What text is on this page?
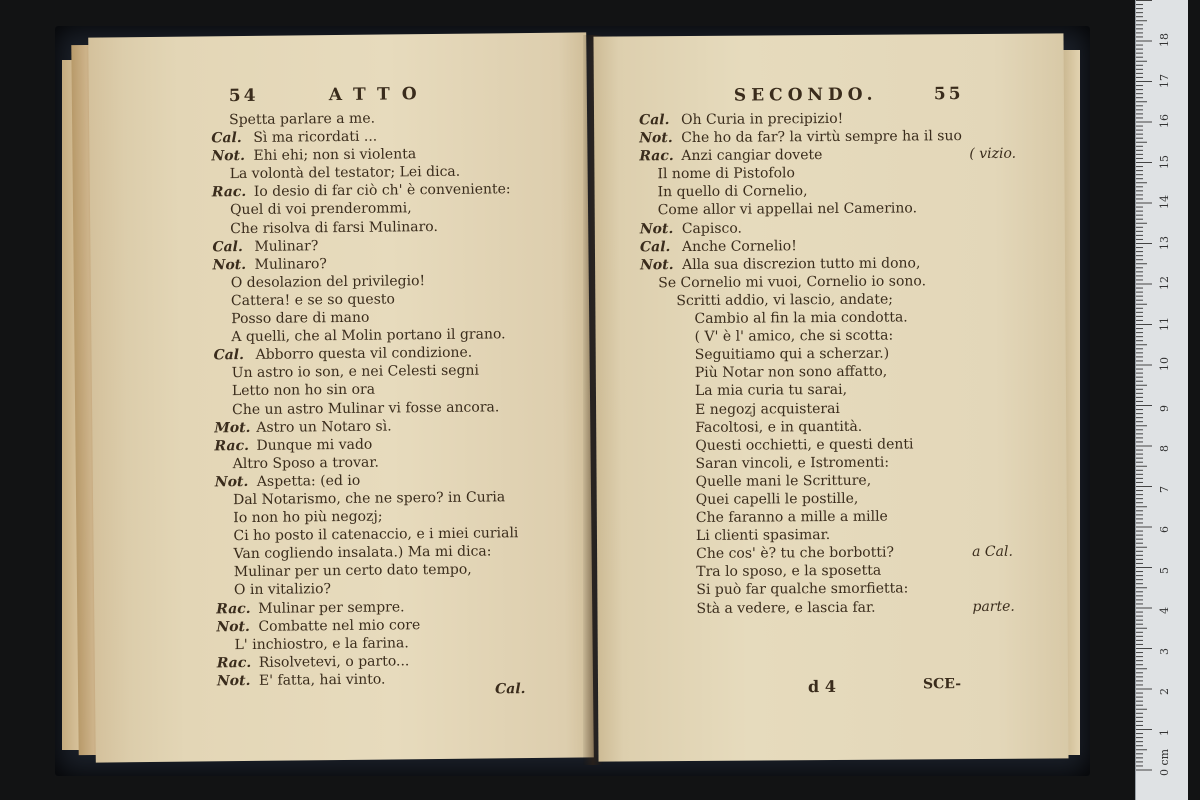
54	ATTO
Spetta parlare a me.
Cal. Sì ma ricordati ...
Not. Ehi ehi; non si violenta
La volontà del testator; Lei dica.
Rac. Io desio di far ciò ch' è conveniente:
Quel di voi prenderommi,
Che risolva di farsi Mulinaro.
Cal. Mulinar?
Not. Mulinaro?
O desolazion del privilegio!
Cattera! e se so questo
Posso dare di mano
A quelli, che al Molin portano il grano.
Cal. Abborro questa vil condizione.
Un astro io son, e nei Celesti segni
Letto non ho sin ora
Che un astro Mulinar vi fosse ancora.
Mot. Astro un Notaro sì.
Rac. Dunque mi vado
Altro Sposo a trovar.
Not. Aspetta: (ed io
Dal Notarismo, che ne spero? in Curia
Io non ho più negozj;
Ci ho posto il catenaccio, e i miei curiali
Van cogliendo insalata.) Ma mi dica:
Mulinar per un certo dato tempo,
O in vitalizio?
Rac. Mulinar per sempre.
Not. Combatte nel mio core
L' inchiostro, e la farina.
Rac. Risolvetevi, o parto...
Not. E' fatta, hai vinto.
Cal.
SECONDO.	55
Cal. Oh Curia in precipizio!
Not. Che ho da far? la virtù sempre ha il suo
Rac. Anzi cangiar dovete	( vizio.
Il nome di Pistofolo
In quello di Cornelio,
Come allor vi appellai nel Camerino.
Not. Capisco.
Cal. Anche Cornelio!
Not. Alla sua discrezion tutto mi dono,
Se Cornelio mi vuoi, Cornelio io sono.
Scritti addio, vi lascio, andate;
Cambio al fin la mia condotta.
( V' è l' amico, che si scotta:
Seguitiamo qui a scherzar.)
Più Notar non sono affatto,
La mia curia tu sarai,
E negozj acquisterai
Facoltosi, e in quantità.
Questi occhietti, e questi denti
Saran vincoli, e Istromenti:
Quelle mani le Scritture,
Quei capelli le postille,
Che faranno a mille a mille
Li clienti spasimar.
Che cos' è? tu che borbotti?	a Cal.
Tra lo sposo, e la sposetta
Si può far qualche smorfietta:
Stà a vedere, e lascia far.	parte.
d 4	SCE-
0 cm
1
2
3
4
5
6
7
8
9
10
11
12
13
14
15
16
17
18
